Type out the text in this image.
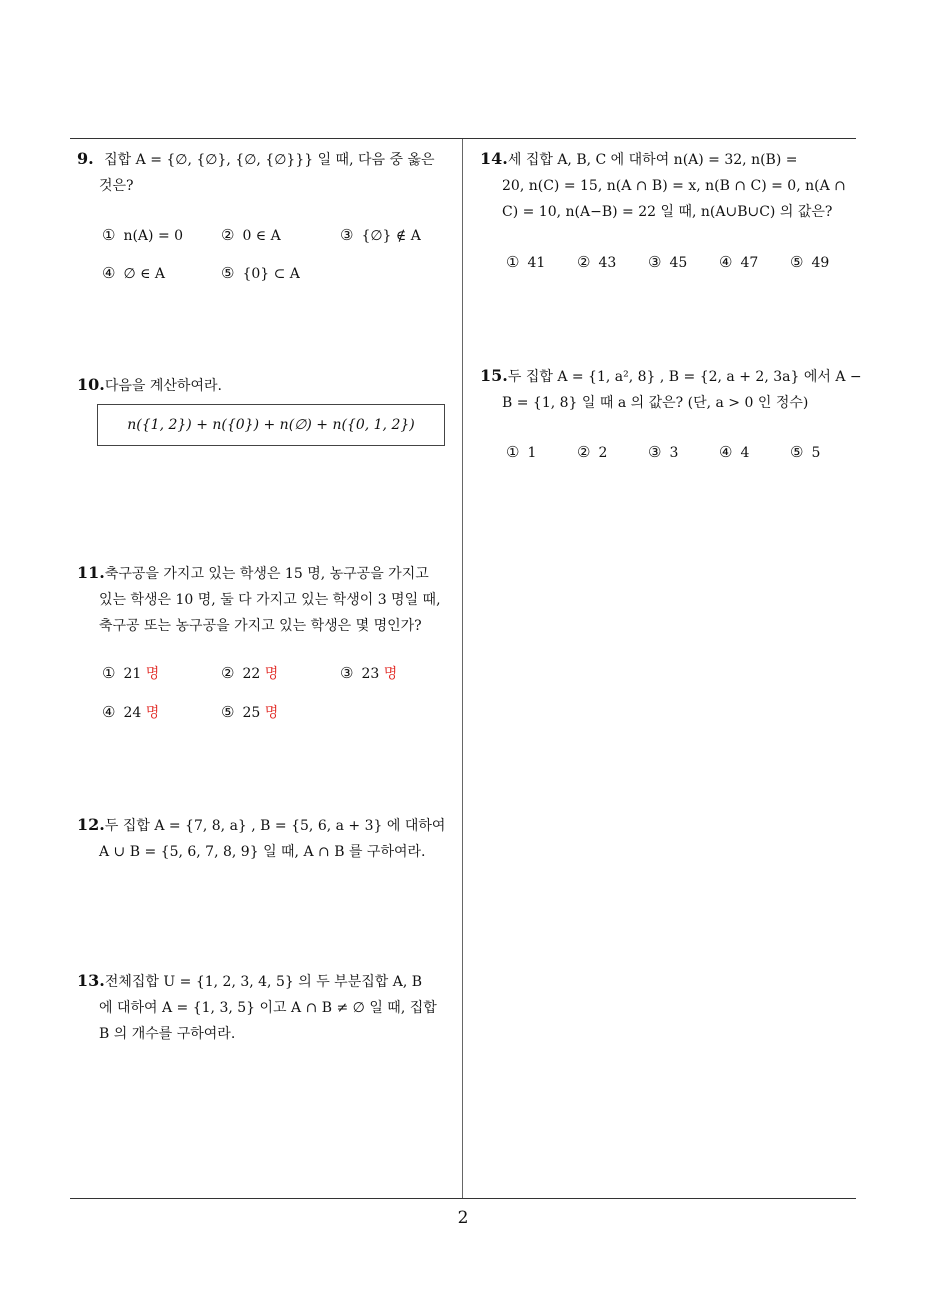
2
9. 집합 A = {∅, {∅}, {∅, {∅}}} 일 때, 다음 중 옳은
것은?
① n(A) = 0	② 0 ∈ A	③ {∅} ∉ A
④ ∅ ∈ A	⑤ {0} ⊂ A
10.다음을 계산하여라.
n({1, 2}) + n({0}) + n(∅) + n({0, 1, 2})
11.축구공을 가지고 있는 학생은 15 명, 농구공을 가지고
있는 학생은 10 명, 둘 다 가지고 있는 학생이 3 명일 때,
축구공 또는 농구공을 가지고 있는 학생은 몇 명인가?
① 21 명	② 22 명	③ 23 명
④ 24 명	⑤ 25 명
12.두 집합 A = {7, 8, a} , B = {5, 6, a + 3} 에 대하여
A ∪ B = {5, 6, 7, 8, 9} 일 때, A ∩ B 를 구하여라.
13.전체집합 U = {1, 2, 3, 4, 5} 의 두 부분집합 A, B
에 대하여 A = {1, 3, 5} 이고 A ∩ B ≠ ∅ 일 때, 집합
B 의 개수를 구하여라.
14.세 집합 A, B, C 에 대하여 n(A) = 32, n(B) =
20, n(C) = 15, n(A ∩ B) = x, n(B ∩ C) = 0, n(A ∩
C) = 10, n(A−B) = 22 일 때, n(A∪B∪C) 의 값은?
① 41 ② 43 ③ 45 ④ 47 ⑤ 49
15.두 집합 A = {1, a², 8} , B = {2, a + 2, 3a} 에서 A −
B = {1, 8} 일 때 a 의 값은? (단, a > 0 인 정수)
① 1	② 2	③ 3	④ 4	⑤ 5
